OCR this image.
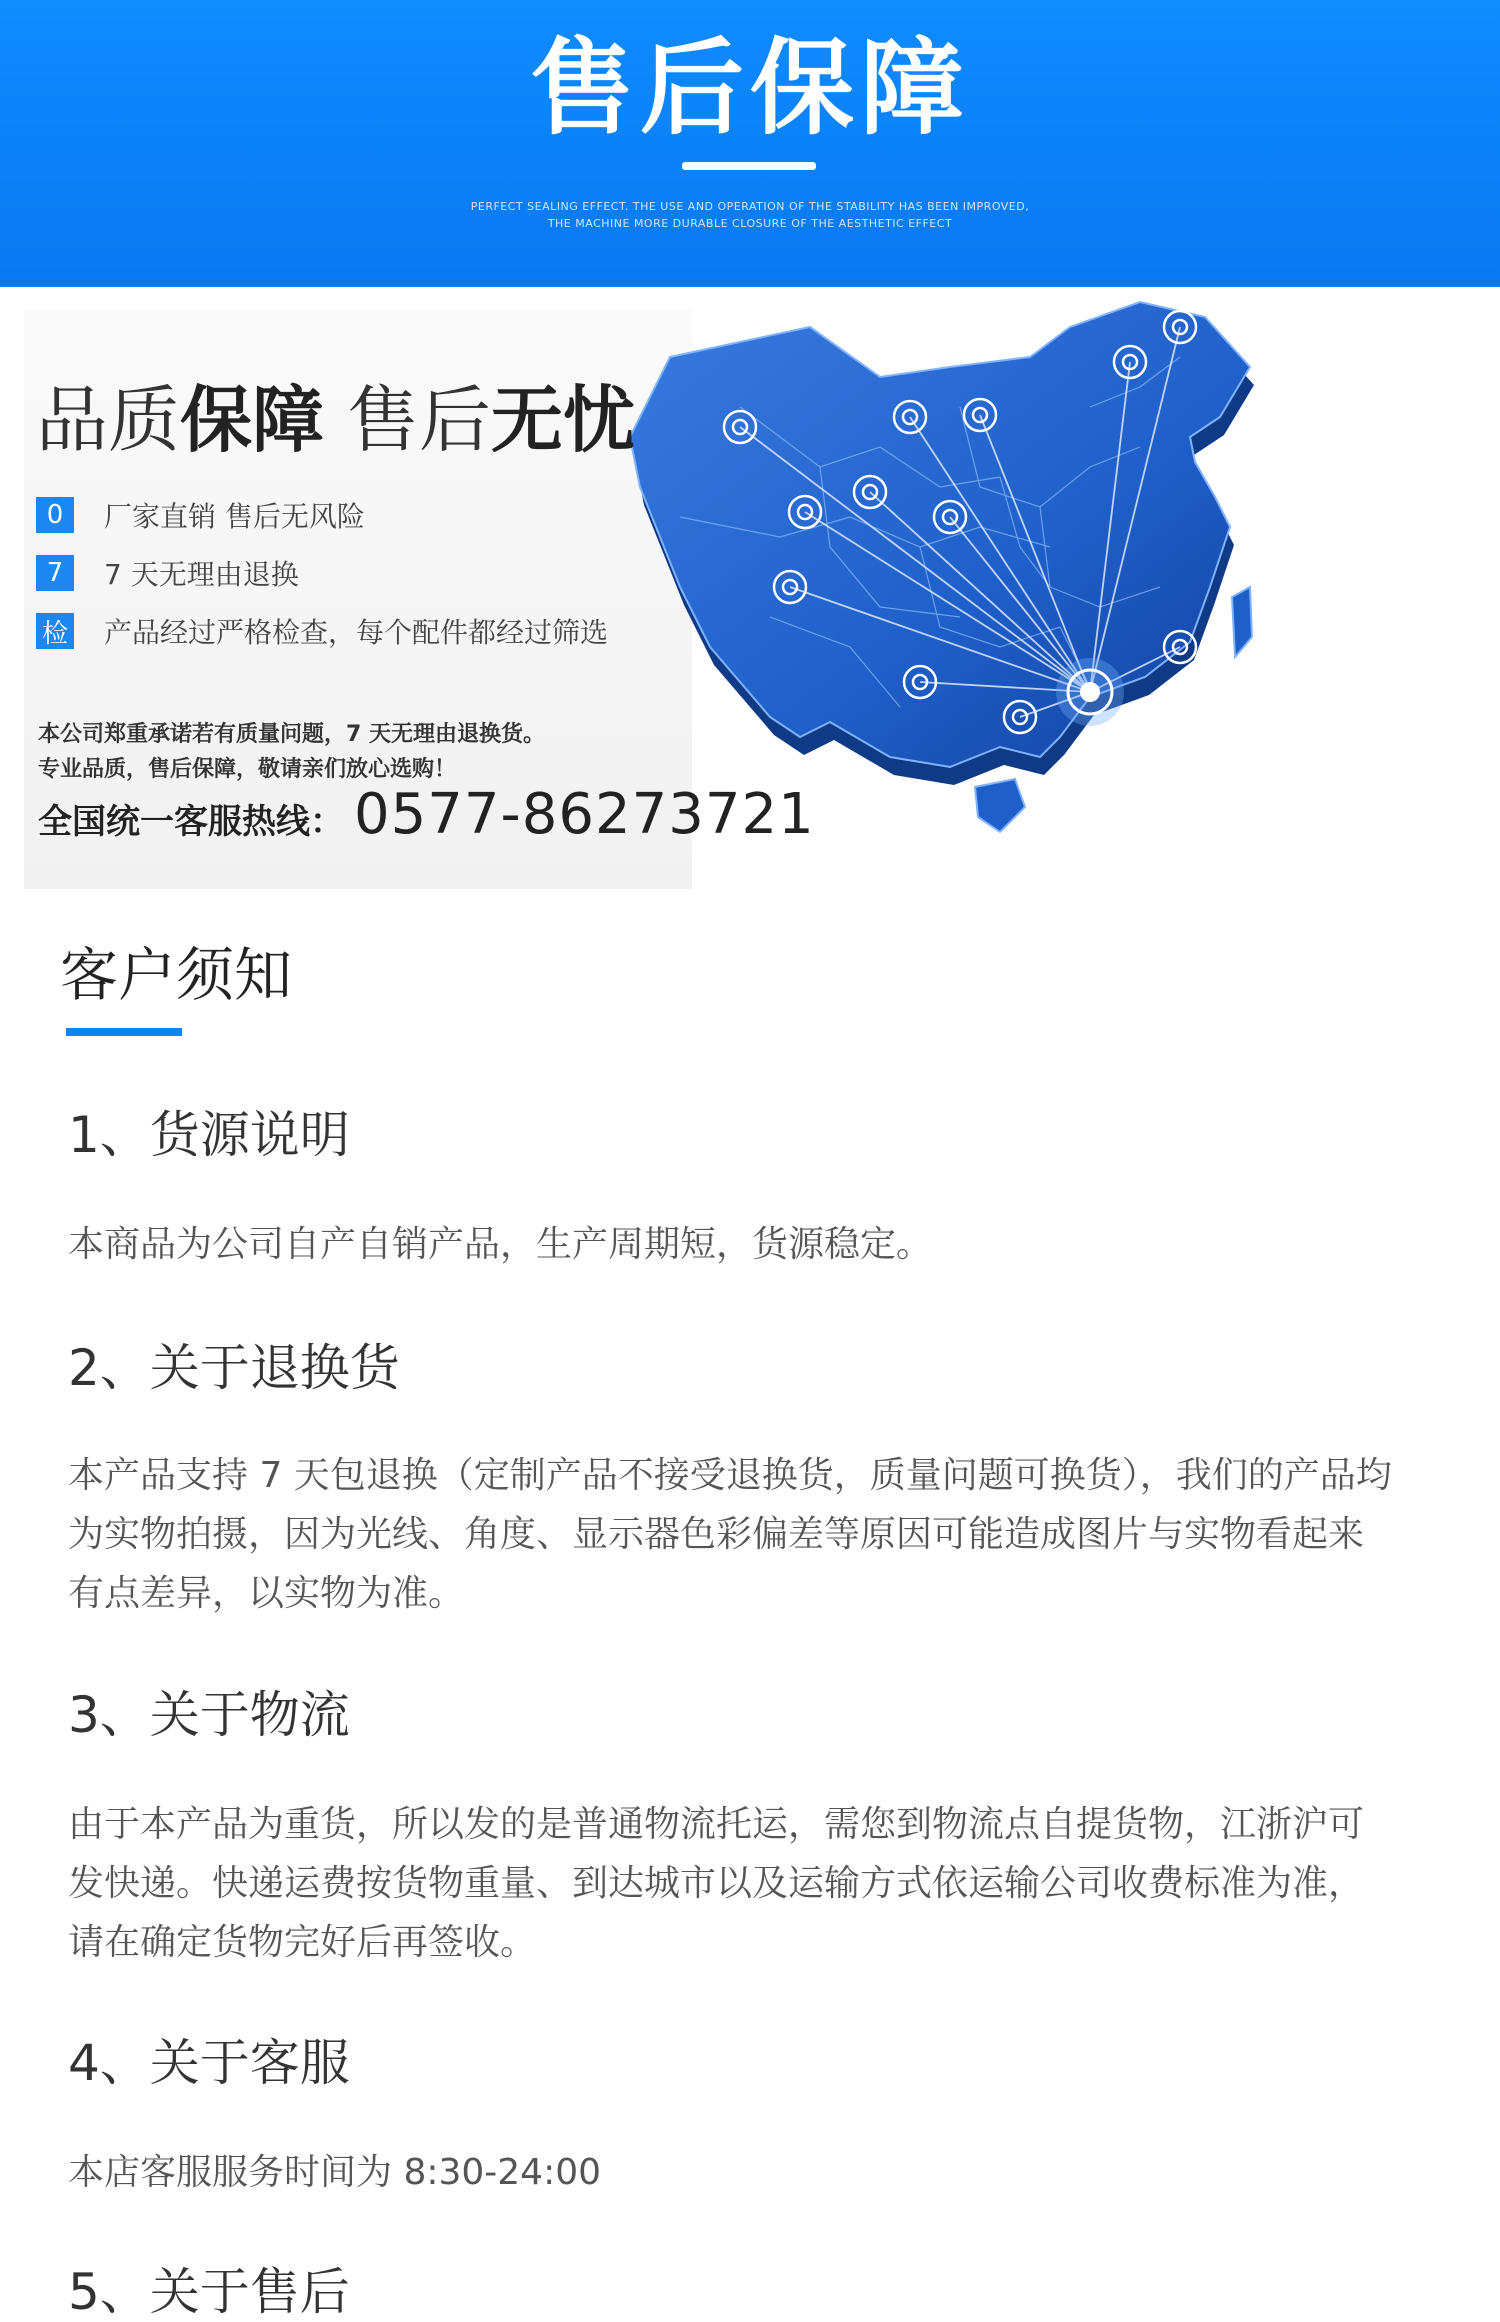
售后保障
PERFECT SEALING EFFECT. THE USE AND OPERATION OF THE STABILITY HAS BEEN IMPROVED,
THE MACHINE MORE DURABLE CLOSURE OF THE AESTHETIC EFFECT
品质保障 售后无忧
0	厂家直销 售后无风险
7	7 天无理由退换
检 产品经过严格检查，每个配件都经过筛选
本公司郑重承诺若有质量问题，7 天无理由退换货。
专业品质，售后保障，敬请亲们放心选购！
全国统一客服热线： 0577-86273721
客户须知
1、货源说明
本商品为公司自产自销产品，生产周期短，货源稳定。
2、关于退换货
本产品支持 7 天包退换（定制产品不接受退换货，质量问题可换货），我们的产品均为实物拍摄，因为光线、角度、显示器色彩偏差等原因可能造成图片与实物看起来有点差异，以实物为准。
3、关于物流
由于本产品为重货，所以发的是普通物流托运，需您到物流点自提货物，江浙沪可发快递。快递运费按货物重量、到达城市以及运输方式依运输公司收费标准为准，请在确定货物完好后再签收。
4、关于客服
本店客服服务时间为 8:30-24:00
5、关于售后
